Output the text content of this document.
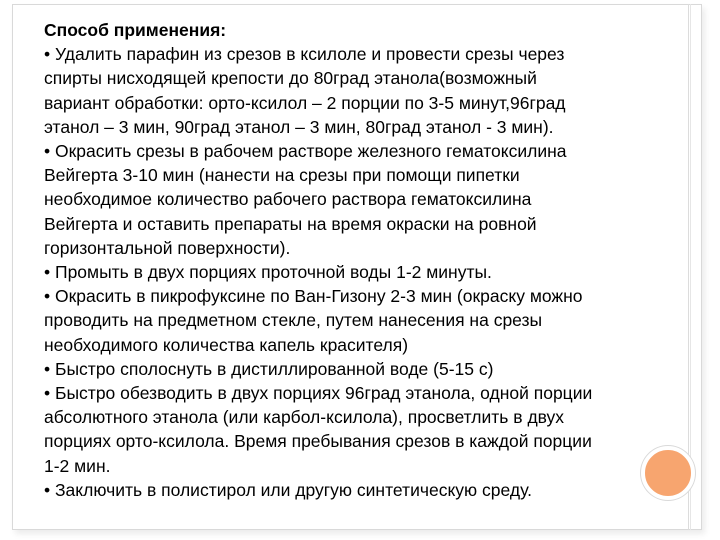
Способ применения:

• Удалить парафин из срезов в ксилоле и провести срезы через

спирты нисходящей крепости до 80град этанола(возможный

вариант обработки: орто-ксилол – 2 порции по 3-5 минут,96град

этанол – 3 мин, 90град этанол – 3 мин, 80град этанол - 3 мин).

• Окрасить срезы в рабочем растворе железного гематоксилина

Вейгерта 3-10 мин (нанести на срезы при помощи пипетки

необходимое количество рабочего раствора гематоксилина

Вейгерта и оставить препараты на время окраски на ровной

горизонтальной поверхности).

• Промыть в двух порциях проточной воды 1-2 минуты.

• Окрасить в пикрофуксине по Ван-Гизону 2-3 мин (окраску можно

проводить на предметном стекле, путем нанесения на срезы

необходимого количества капель красителя)

• Быстро сполоснуть в дистиллированной воде (5-15 с)

• Быстро обезводить в двух порциях 96град этанола, одной порции

абсолютного этанола (или карбол-ксилола), просветлить в двух

порциях орто-ксилола. Время пребывания срезов в каждой порции

1-2 мин.

• Заключить в полистирол или другую синтетическую среду.
